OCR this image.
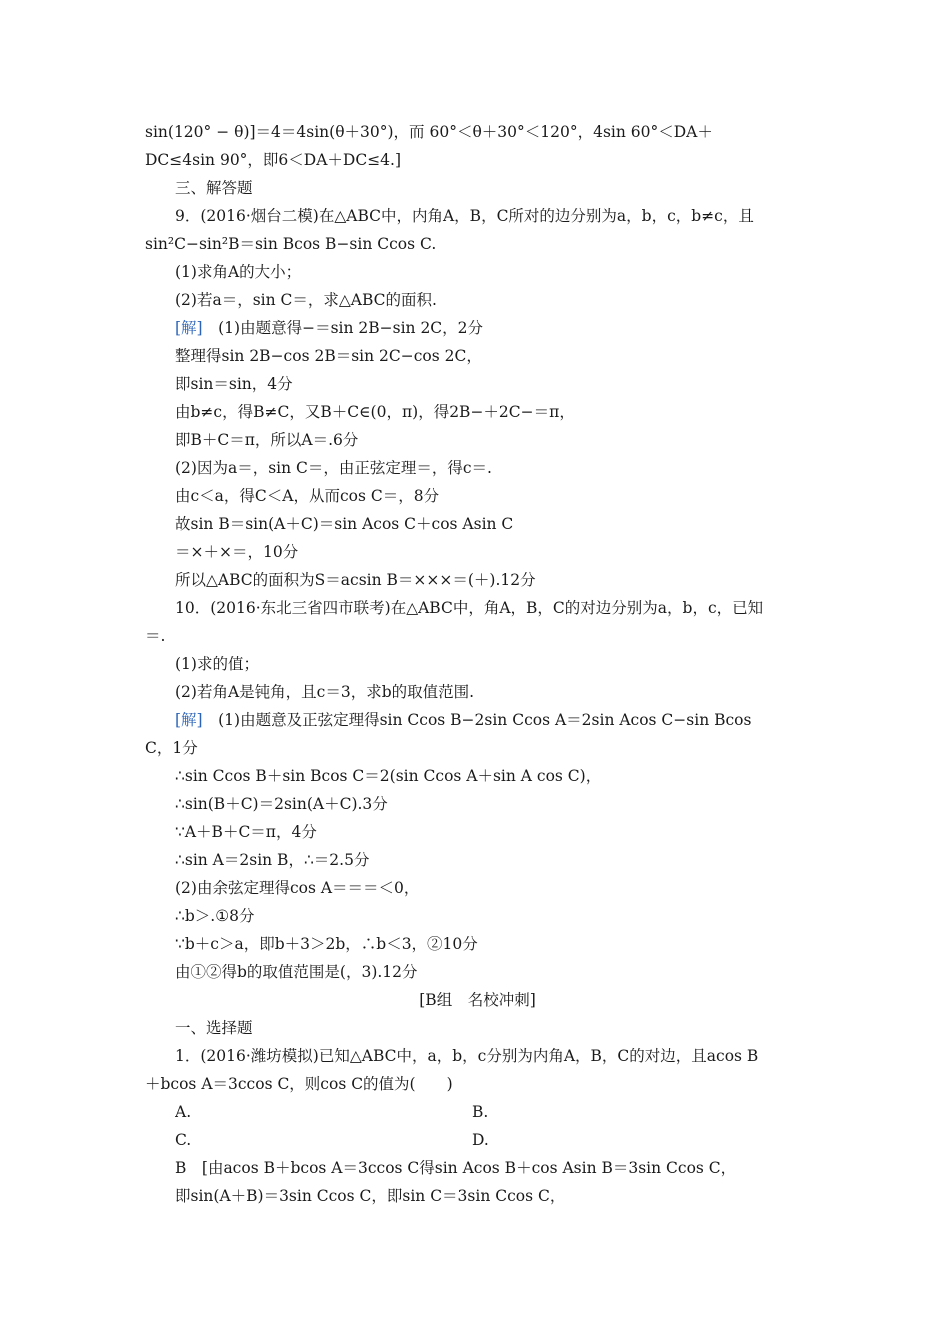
sin(120° − θ)]＝4＝4sin(θ＋30°)，而 60°＜θ＋30°＜120°，4sin 60°＜DA＋
DC≤4sin 90°，即6＜DA＋DC≤4.]
三、解答题
9．(2016·烟台二模)在△ABC中，内角A，B，C所对的边分别为a，b，c，b≠c，且
sin²C−sin²B＝sin Bcos B−sin Ccos C.
(1)求角A的大小；
(2)若a＝，sin C＝，求△ABC的面积.
[解]　 (1)由题意得−＝sin 2B−sin 2C，2分
整理得sin 2B−cos 2B＝sin 2C−cos 2C，
即sin＝sin，4分
由b≠c，得B≠C，又B＋C∈(0，π)，得2B−＋2C−＝π，
即B＋C＝π，所以A＝.6分
(2)因为a＝，sin C＝，由正弦定理＝，得c＝.
由c＜a，得C＜A，从而cos C＝，8分
故sin B＝sin(A＋C)＝sin Acos C＋cos Asin C
＝×＋×＝，10分
所以△ABC的面积为S＝acsin B＝×××＝(＋).12分
10．(2016·东北三省四市联考)在△ABC中，角A，B，C的对边分别为a，b，c，已知
＝.
(1)求的值；
(2)若角A是钝角，且c＝3，求b的取值范围.
[解]　 (1)由题意及正弦定理得sin Ccos B−2sin Ccos A＝2sin Acos C−sin Bcos
C，1分
∴sin Ccos B＋sin Bcos C＝2(sin Ccos A＋sin A cos C)，
∴sin(B＋C)＝2sin(A＋C).3分
∵A＋B＋C＝π，4分
∴sin A＝2sin B，∴＝2.5分
(2)由余弦定理得cos A＝＝＝＜0，
∴b＞.①8分
∵b＋c＞a，即b＋3＞2b，∴b＜3，②10分
由①②得b的取值范围是(，3).12分
[B组　名校冲刺]
一、选择题
1．(2016·潍坊模拟)已知△ABC中，a，b，c分别为内角A，B，C的对边，且acos B
＋bcos A＝3ccos C，则cos C的值为(　　)
A.	B.
C.	D.
B　[由acos B＋bcos A＝3ccos C得sin Acos B＋cos Asin B＝3sin Ccos C，
即sin(A＋B)＝3sin Ccos C，即sin C＝3sin Ccos C，
